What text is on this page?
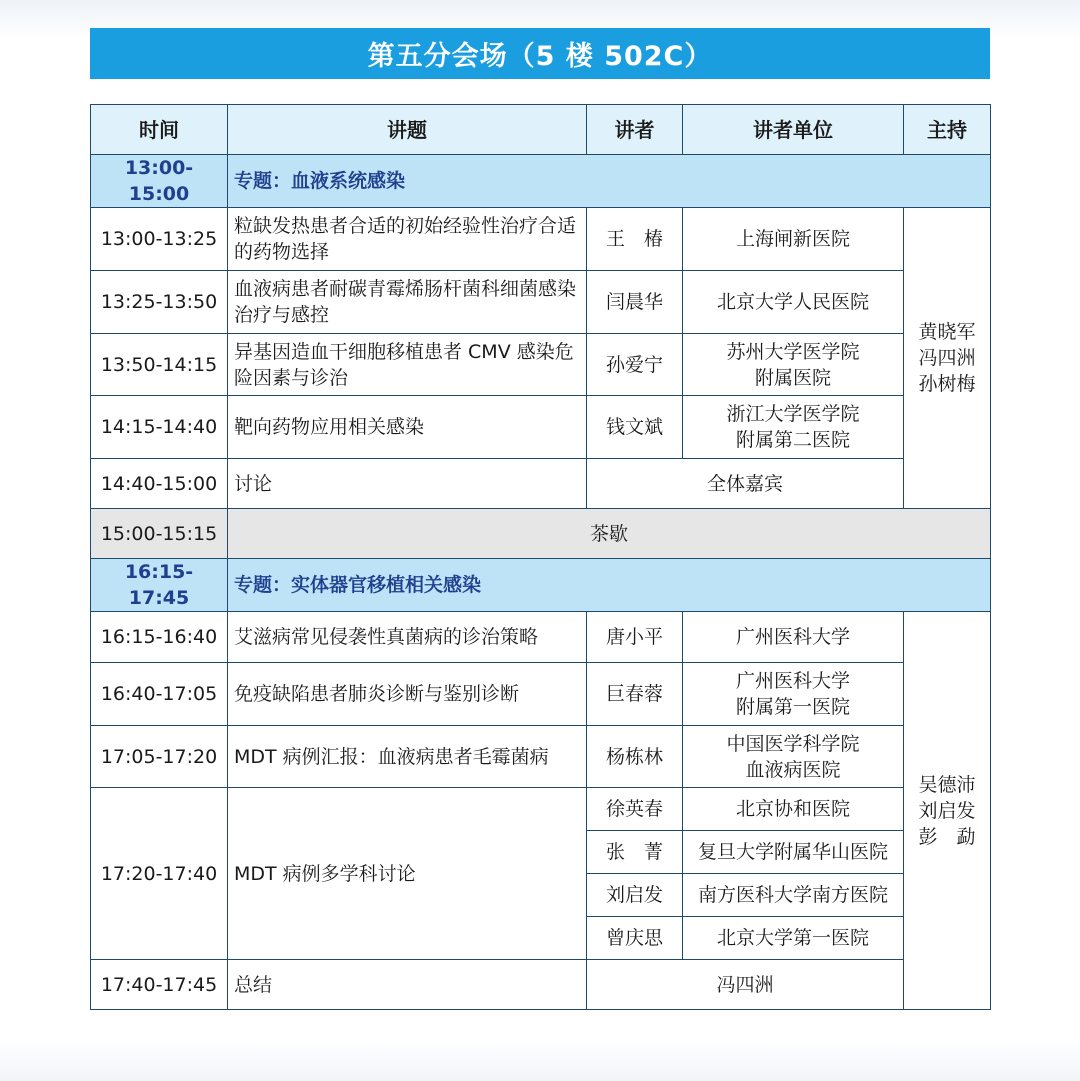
第五分会场（5 楼 502C）
时间	讲题	讲者	讲者单位	主持
13:00-15:00	专题：血液系统感染			
13:00-13:25	粒缺发热患者合适的初始经验性治疗合适的药物选择	王　椿	上海闸新医院	黄晓军
冯四洲
孙树梅

13:25-13:50	血液病患者耐碳青霉烯肠杆菌科细菌感染治疗与感控	闫晨华	北京大学人民医院	
13:50-14:15	异基因造血干细胞移植患者 CMV 感染危险因素与诊治	孙爱宁	苏州大学医学院
附属医院	

14:15-14:40	靶向药物应用相关感染	钱文斌	浙江大学医学院
附属第二医院	

14:40-15:00	讨论	全体嘉宾		
15:00-15:15	茶歇			
16:15-17:45	专题：实体器官移植相关感染			
16:15-16:40	艾滋病常见侵袭性真菌病的诊治策略	唐小平	广州医科大学	吴德沛
刘启发
彭　勐

16:40-17:05	免疫缺陷患者肺炎诊断与鉴别诊断	巨春蓉	广州医科大学
附属第一医院	

17:05-17:20	MDT 病例汇报：血液病患者毛霉菌病	杨栋林	中国医学科学院
血液病医院	

17:20-17:40	MDT 病例多学科讨论	徐英春	北京协和医院	
		张　菁	复旦大学附属华山医院	
		刘启发	南方医科大学南方医院	
		曾庆思	北京大学第一医院	
17:40-17:45	总结	冯四洲		
